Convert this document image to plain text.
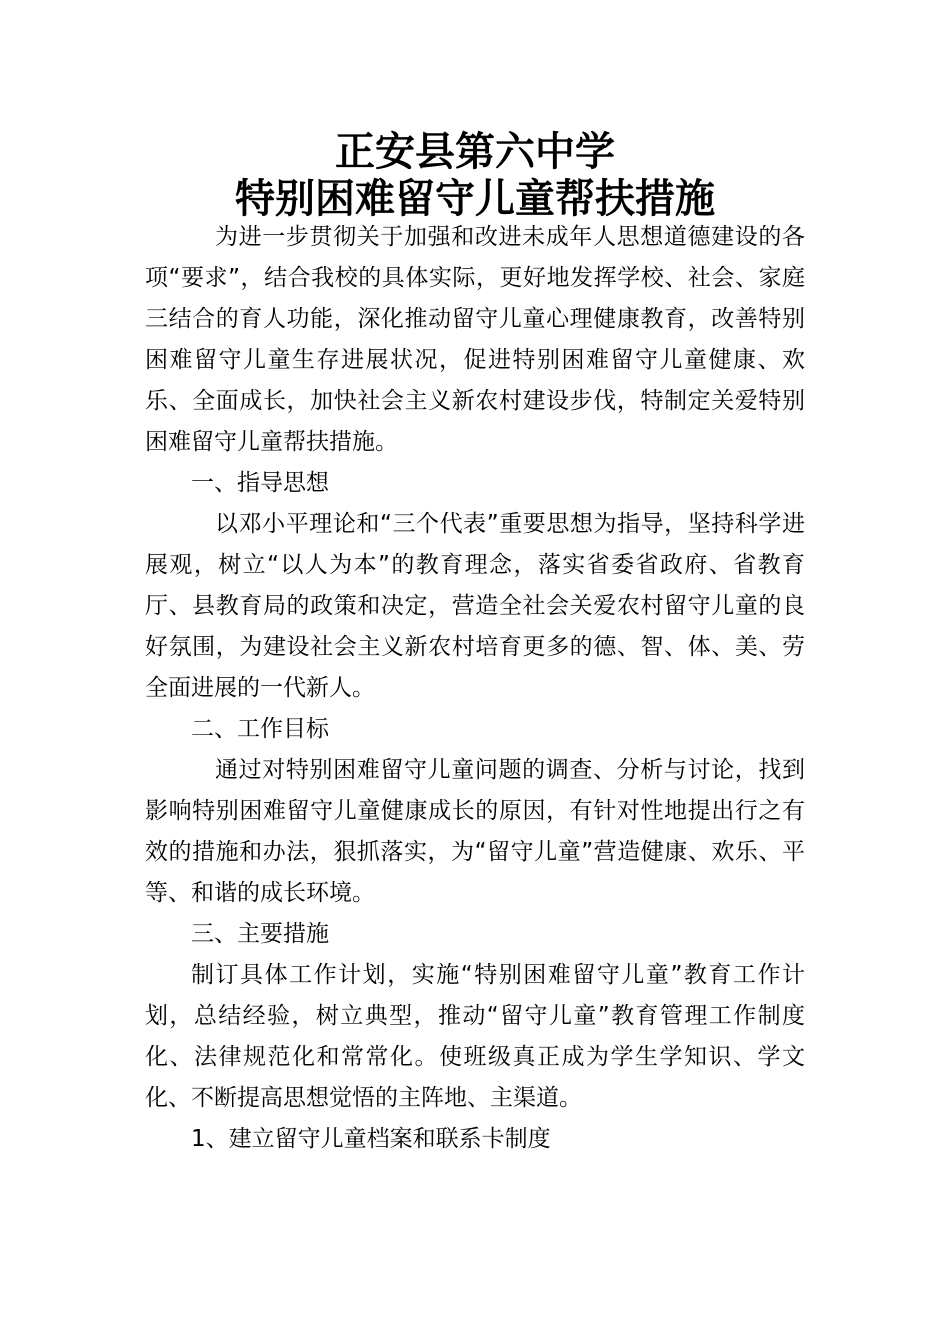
正安县第六中学
特别困难留守儿童帮扶措施

为进一步贯彻关于加强和改进未成年人思想道德建设的各项“要求”，结合我校的具体实际，更好地发挥学校、社会、家庭三结合的育人功能，深化推动留守儿童心理健康教育，改善特别困难留守儿童生存进展状况，促进特别困难留守儿童健康、欢乐、全面成长，加快社会主义新农村建设步伐，特制定关爱特别困难留守儿童帮扶措施。

一、指导思想

以邓小平理论和“三个代表”重要思想为指导，坚持科学进展观，树立“以人为本”的教育理念，落实省委省政府、省教育厅、县教育局的政策和决定，营造全社会关爱农村留守儿童的良好氛围，为建设社会主义新农村培育更多的德、智、体、美、劳全面进展的一代新人。

二、工作目标

通过对特别困难留守儿童问题的调查、分析与讨论，找到影响特别困难留守儿童健康成长的原因，有针对性地提出行之有效的措施和办法，狠抓落实，为“留守儿童”营造健康、欢乐、平等、和谐的成长环境。

三、主要措施

制订具体工作计划，实施“特别困难留守儿童”教育工作计划，总结经验，树立典型，推动“留守儿童”教育管理工作制度化、法律规范化和常常化。使班级真正成为学生学知识、学文化、不断提高思想觉悟的主阵地、主渠道。

1、建立留守儿童档案和联系卡制度
